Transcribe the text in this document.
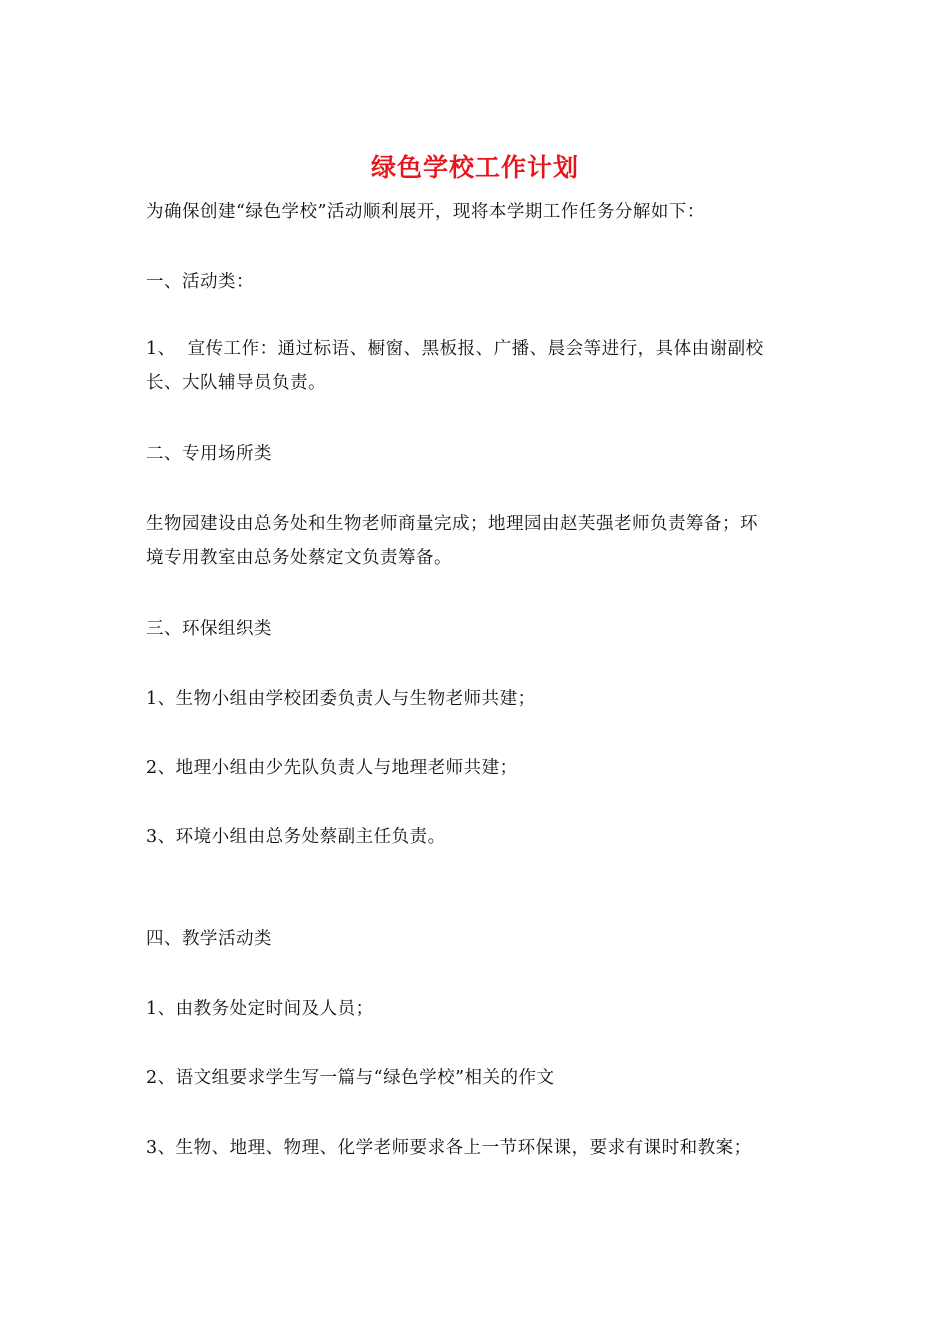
绿色学校工作计划
为确保创建“绿色学校”活动顺利展开，现将本学期工作任务分解如下：
一、活动类：
1、 宣传工作：通过标语、橱窗、黑板报、广播、晨会等进行，具体由谢副校
长、大队辅导员负责。
二、专用场所类
生物园建设由总务处和生物老师商量完成；地理园由赵芙强老师负责筹备；环
境专用教室由总务处蔡定文负责筹备。
三、环保组织类
1、生物小组由学校团委负责人与生物老师共建；
2、地理小组由少先队负责人与地理老师共建；
3、环境小组由总务处蔡副主任负责。
四、教学活动类
1、由教务处定时间及人员；
2、语文组要求学生写一篇与“绿色学校”相关的作文
3、生物、地理、物理、化学老师要求各上一节环保课，要求有课时和教案；
